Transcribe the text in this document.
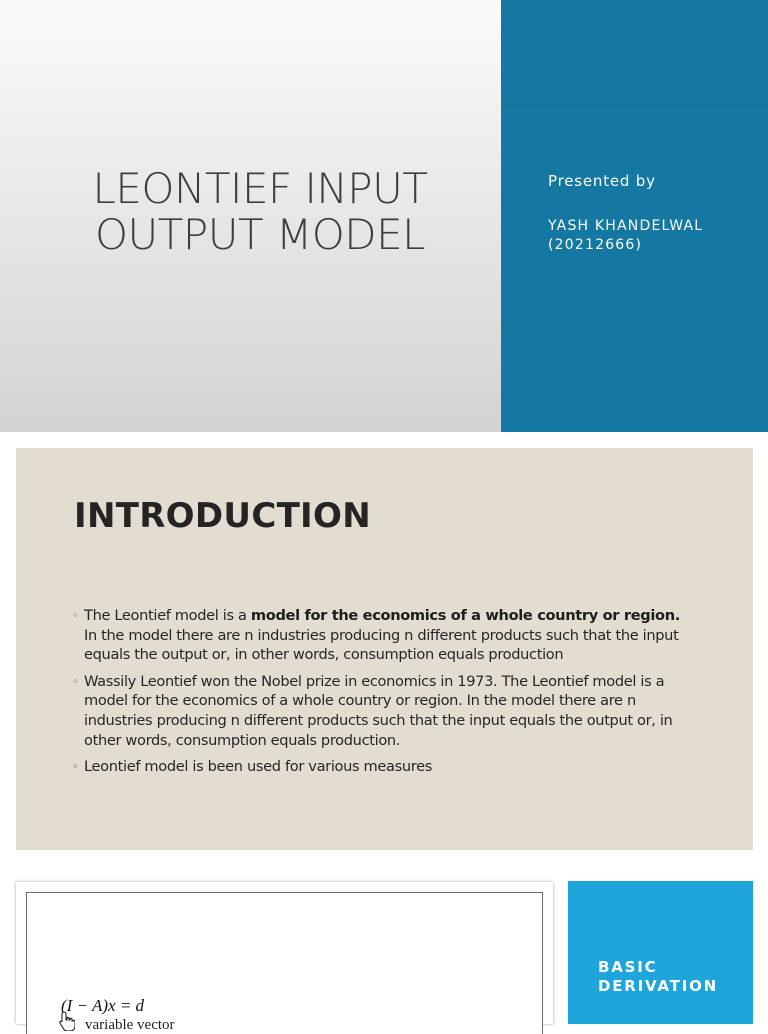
LEONTIEF INPUT
OUTPUT MODEL
Presented by
YASH KHANDELWAL
(20212666)
INTRODUCTION
◦ The Leontief model is a model for the economics of a whole country or region. In the model there are n industries producing n different products such that the input equals the output or, in other words, consumption equals production
◦ Wassily Leontief won the Nobel prize in economics in 1973. The Leontief model is a model for the economics of a whole country or region. In the model there are n industries producing n different products such that the input equals the output or, in other words, consumption equals production.
◦ Leontief model is been used for various measures
(I − A)x = d
variable vector
BASIC
DERIVATION
